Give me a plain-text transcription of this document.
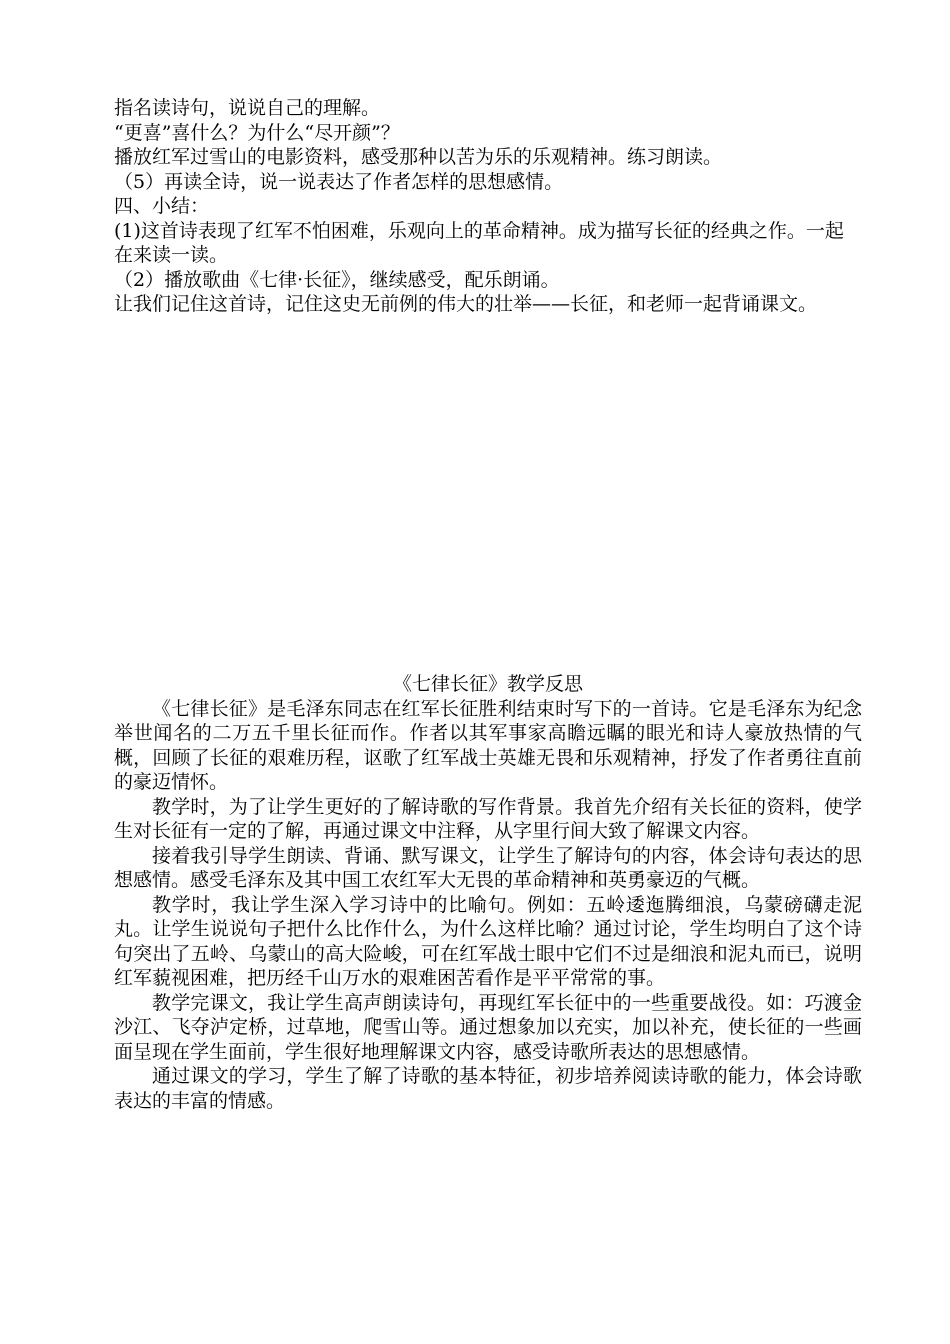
指名读诗句，说说自己的理解。

“更喜”喜什么？为什么“尽开颜”？

播放红军过雪山的电影资料，感受那种以苦为乐的乐观精神。练习朗读。

（5）再读全诗，说一说表达了作者怎样的思想感情。

四、小结：

(1)这首诗表现了红军不怕困难，乐观向上的革命精神。成为描写长征的经典之作。一起在来读一读。

（2）播放歌曲《七律·长征》，继续感受，配乐朗诵。

让我们记住这首诗，记住这史无前例的伟大的壮举——长征，和老师一起背诵课文。

《七律长征》教学反思

《七律长征》是毛泽东同志在红军长征胜利结束时写下的一首诗。它是毛泽东为纪念举世闻名的二万五千里长征而作。作者以其军事家高瞻远瞩的眼光和诗人豪放热情的气概，回顾了长征的艰难历程，讴歌了红军战士英雄无畏和乐观精神，抒发了作者勇往直前的豪迈情怀。

教学时，为了让学生更好的了解诗歌的写作背景。我首先介绍有关长征的资料，使学生对长征有一定的了解，再通过课文中注释，从字里行间大致了解课文内容。

接着我引导学生朗读、背诵、默写课文，让学生了解诗句的内容，体会诗句表达的思想感情。感受毛泽东及其中国工农红军大无畏的革命精神和英勇豪迈的气概。

教学时，我让学生深入学习诗中的比喻句。例如：五岭逶迤腾细浪，乌蒙磅礴走泥丸。让学生说说句子把什么比作什么，为什么这样比喻？通过讨论，学生均明白了这个诗句突出了五岭、乌蒙山的高大险峻，可在红军战士眼中它们不过是细浪和泥丸而已，说明红军藐视困难，把历经千山万水的艰难困苦看作是平平常常的事。

教学完课文，我让学生高声朗读诗句，再现红军长征中的一些重要战役。如：巧渡金沙江、飞夺泸定桥，过草地，爬雪山等。通过想象加以充实，加以补充，使长征的一些画面呈现在学生面前，学生很好地理解课文内容，感受诗歌所表达的思想感情。

通过课文的学习，学生了解了诗歌的基本特征，初步培养阅读诗歌的能力，体会诗歌表达的丰富的情感。
